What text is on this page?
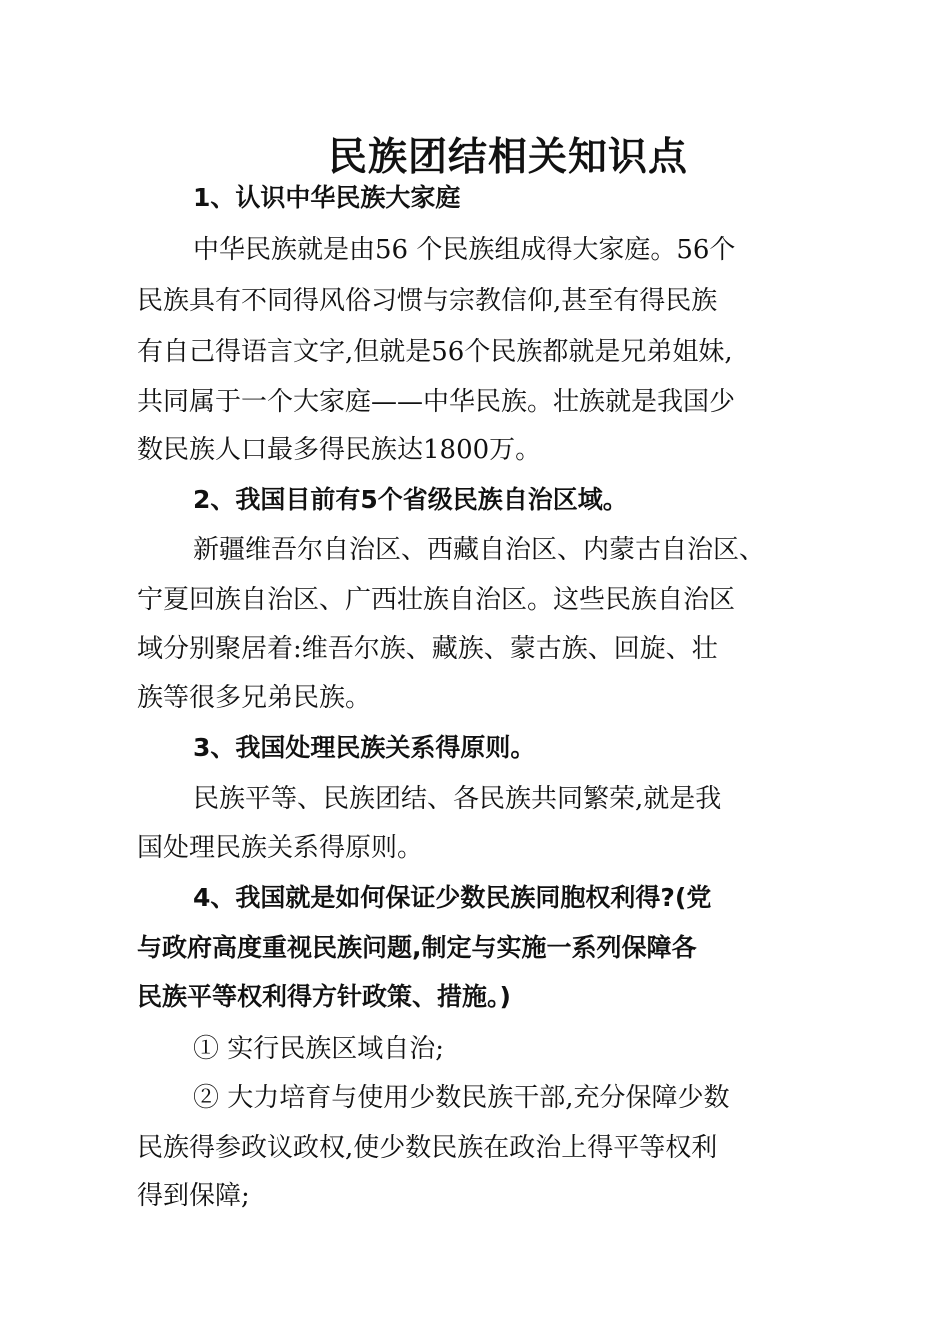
民族团结相关知识点
1、认识中华民族大家庭
中华民族就是由56 个民族组成得大家庭。56个
民族具有不同得风俗习惯与宗教信仰,甚至有得民族
有自己得语言文字,但就是56个民族都就是兄弟姐妹,
共同属于一个大家庭——中华民族。壮族就是我国少
数民族人口最多得民族达1800万。
2、我国目前有5个省级民族自治区域。
新疆维吾尔自治区、西藏自治区、内蒙古自治区、
宁夏回族自治区、广西壮族自治区。这些民族自治区
域分别聚居着:维吾尔族、藏族、蒙古族、回旋、壮
族等很多兄弟民族。
3、我国处理民族关系得原则。
民族平等、民族团结、各民族共同繁荣,就是我
国处理民族关系得原则。
4、我国就是如何保证少数民族同胞权利得?(党
与政府高度重视民族问题,制定与实施一系列保障各
民族平等权利得方针政策、措施。)
① 实行民族区域自治;
② 大力培育与使用少数民族干部,充分保障少数
民族得参政议政权,使少数民族在政治上得平等权利
得到保障;
